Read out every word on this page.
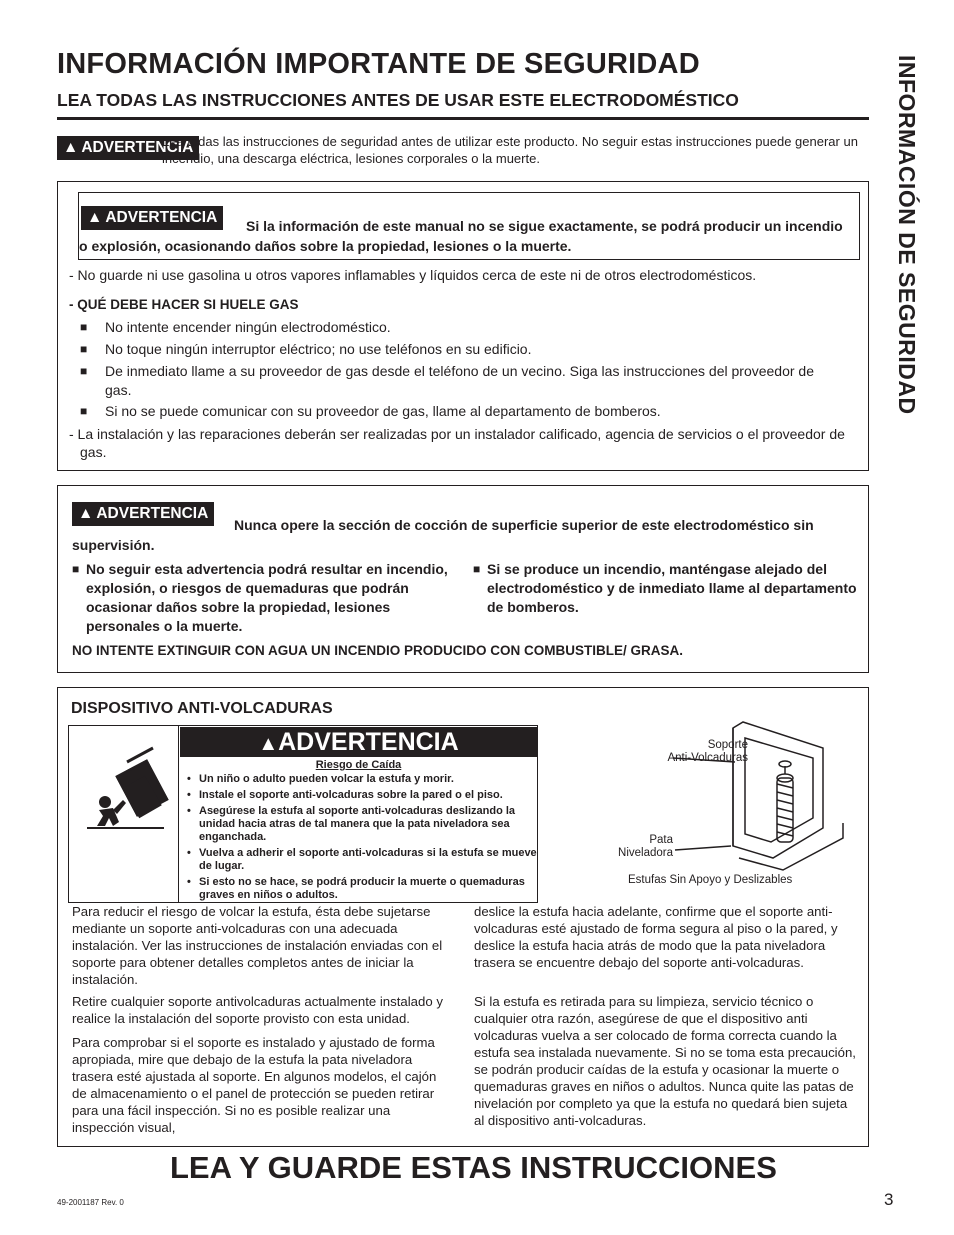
INFORMACIÓN IMPORTANTE DE SEGURIDAD
LEA TODAS LAS INSTRUCCIONES ANTES DE USAR ESTE ELECTRODOMÉSTICO	INFORMACIÓN DE SEGURIDAD
▲ ADVERTENCIA
Lea todas las instrucciones de seguridad antes de utilizar este producto. No seguir estas instrucciones puede generar un incendio, una descarga eléctrica, lesiones corporales o la muerte.
▲ ADVERTENCIA	Si la información de este manual no se sigue exactamente, se podrá producir un incendio o explosión, ocasionando daños sobre la propiedad, lesiones o la muerte.
- No guarde ni use gasolina u otros vapores inflamables y líquidos cerca de este ni de otros electrodomésticos.
- QUÉ DEBE HACER SI HUELE GAS
■ No intente encender ningún electrodoméstico.
■ No toque ningún interruptor eléctrico; no use teléfonos en su edificio.
■ De inmediato llame a su proveedor de gas desde el teléfono de un vecino. Siga las instrucciones del proveedor de gas.
■ Si no se puede comunicar con su proveedor de gas, llame al departamento de bomberos.
- La instalación y las reparaciones deberán ser realizadas por un instalador calificado, agencia de servicios o el proveedor de gas.
▲ ADVERTENCIA
Nunca opere la sección de cocción de superficie superior de este electrodoméstico sin supervisión.
■ No seguir esta advertencia podrá resultar en incendio, explosión, o riesgos de quemaduras que podrán ocasionar daños sobre la propiedad, lesiones personales o la muerte.
■ Si se produce un incendio, manténgase alejado del electrodoméstico y de inmediato llame al departamento de bomberos.
NO INTENTE EXTINGUIR CON AGUA UN INCENDIO PRODUCIDO CON COMBUSTIBLE/ GRASA.
DISPOSITIVO ANTI-VOLCADURAS
▲ADVERTENCIA
Riesgo de Caída
• Un niño o adulto pueden volcar la estufa y morir.
• Instale el soporte anti-volcaduras sobre la pared o el piso.
• Asegúrese la estufa al soporte anti-volcaduras deslizando la unidad hacia atras de tal manera que la pata niveladora sea enganchada.
• Vuelva a adherir el soporte anti-volcaduras si la estufa se mueve de lugar.
• Si esto no se hace, se podrá producir la muerte o quemaduras graves en niños o adultos.
Soporte
Anti-Volcaduras
Pata
Niveladora
Estufas Sin Apoyo y Deslizables
Para reducir el riesgo de volcar la estufa, ésta debe sujetarse mediante un soporte anti-volcaduras con una adecuada instalación. Ver las instrucciones de instalación enviadas con el soporte para obtener detalles completos antes de iniciar la instalación.
Retire cualquier soporte antivolcaduras actualmente instalado y realice la instalación del soporte provisto con esta unidad.
Para comprobar si el soporte es instalado y ajustado de forma apropiada, mire que debajo de la estufa la pata niveladora trasera esté ajustada al soporte. En algunos modelos, el cajón de almacenamiento o el panel de protección se pueden retirar para una fácil inspección. Si no es posible realizar una inspección visual,
deslice la estufa hacia adelante, confirme que el soporte anti-volcaduras esté ajustado de forma segura al piso o la pared, y deslice la estufa hacia atrás de modo que la pata niveladora trasera se encuentre debajo del soporte anti-volcaduras.
Si la estufa es retirada para su limpieza, servicio técnico o cualquier otra razón, asegúrese de que el dispositivo anti volcaduras vuelva a ser colocado de forma correcta cuando la estufa sea instalada nuevamente. Si no se toma esta precaución, se podrán producir caídas de la estufa y ocasionar la muerte o quemaduras graves en niños o adultos. Nunca quite las patas de nivelación por completo ya que la estufa no quedará bien sujeta al dispositivo anti-volcaduras.
LEA Y GUARDE ESTAS INSTRUCCIONES
49-2001187 Rev. 0	3
